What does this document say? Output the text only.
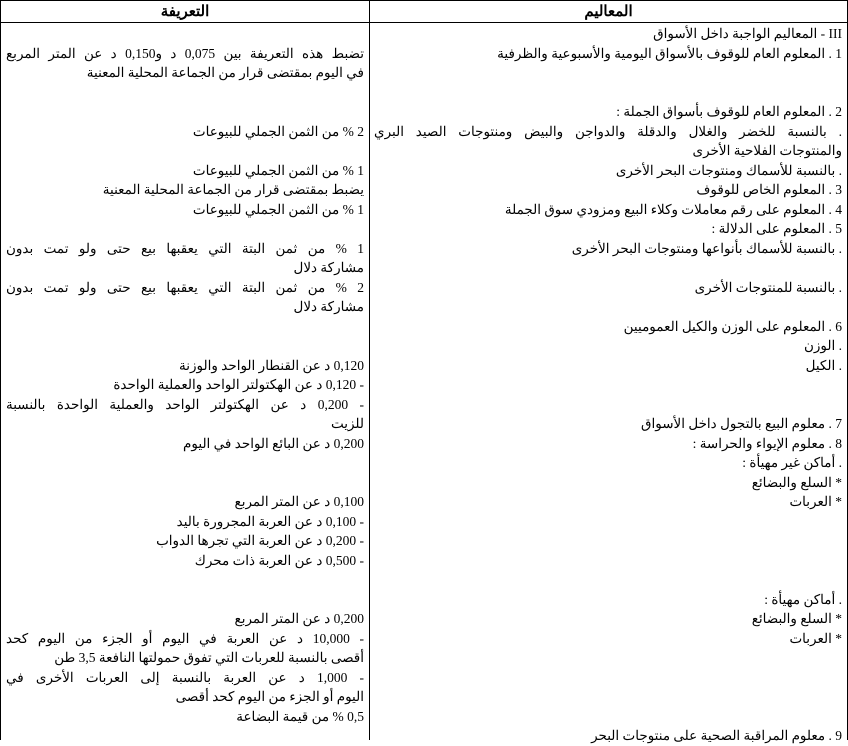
التعريفة	المعاليم
III - المعاليم الواجبة داخل الأسواق
1 . المعلوم العام للوقوف بالأسواق اليومية والأسبوعية والظرفية
2 . المعلوم العام للوقوف بأسواق الجملة :
. بالنسبة للخضر والغلال والدقلة والدواجن والبيض ومنتوجات الصيد البري
والمنتوجات الفلاحية الأخرى
. بالنسبة للأسماك ومنتوجات البحر الأخرى
3 . المعلوم الخاص للوقوف
4 . المعلوم على رقم معاملات وكلاء البيع ومزودي سوق الجملة
5 . المعلوم على الدلالة :
. بالنسبة للأسماك بأنواعها ومنتوجات البحر الأخرى
. بالنسبة للمنتوجات الأخرى
6 . المعلوم على الوزن والكيل العموميين
. الوزن
. الكيل
7 . معلوم البيع بالتجول داخل الأسواق
8 . معلوم الإيواء والحراسة :
. أماكن غير مهيأة :
* السلع والبضائع
* العربات
. أماكن مهيأة :
* السلع والبضائع
* العربات
9 . معلوم المراقبة الصحية على منتوجات البحر
تضبط هذه التعريفة بين 0,075 د و0,150 د عن المتر المربع
في اليوم بمقتضى قرار من الجماعة المحلية المعنية
2 % من الثمن الجملي للبيوعات
1 % من الثمن الجملي للبيوعات
يضبط بمقتضى قرار من الجماعة المحلية المعنية
1 % من الثمن الجملي للبيوعات
1 % من ثمن البتة التي يعقبها بيع حتى ولو تمت بدون
مشاركة دلال
2 % من ثمن البتة التي يعقبها بيع حتى ولو تمت بدون
مشاركة دلال
0,120 د عن القنطار الواحد والوزنة
- 0,120 د عن الهكتولتر الواحد والعملية الواحدة
- 0,200 د عن الهكتولتر الواحد والعملية الواحدة بالنسبة
للزيت
0,200 د عن البائع الواحد في اليوم
0,100 د عن المتر المربع
- 0,100 د عن العربة المجرورة باليد
- 0,200 د عن العربة التي تجرها الدواب
- 0,500 د عن العربة ذات محرك
0,200 د عن المتر المربع
- 10,000 د عن العربة في اليوم أو الجزء من اليوم كحد
أقصى بالنسبة للعربات التي تفوق حمولتها النافعة 3,5 طن
- 1,000 د عن العربة بالنسبة إلى العربات الأخرى في
اليوم أو الجزء من اليوم كحد أقصى
0,5 % من قيمة البضاعة
